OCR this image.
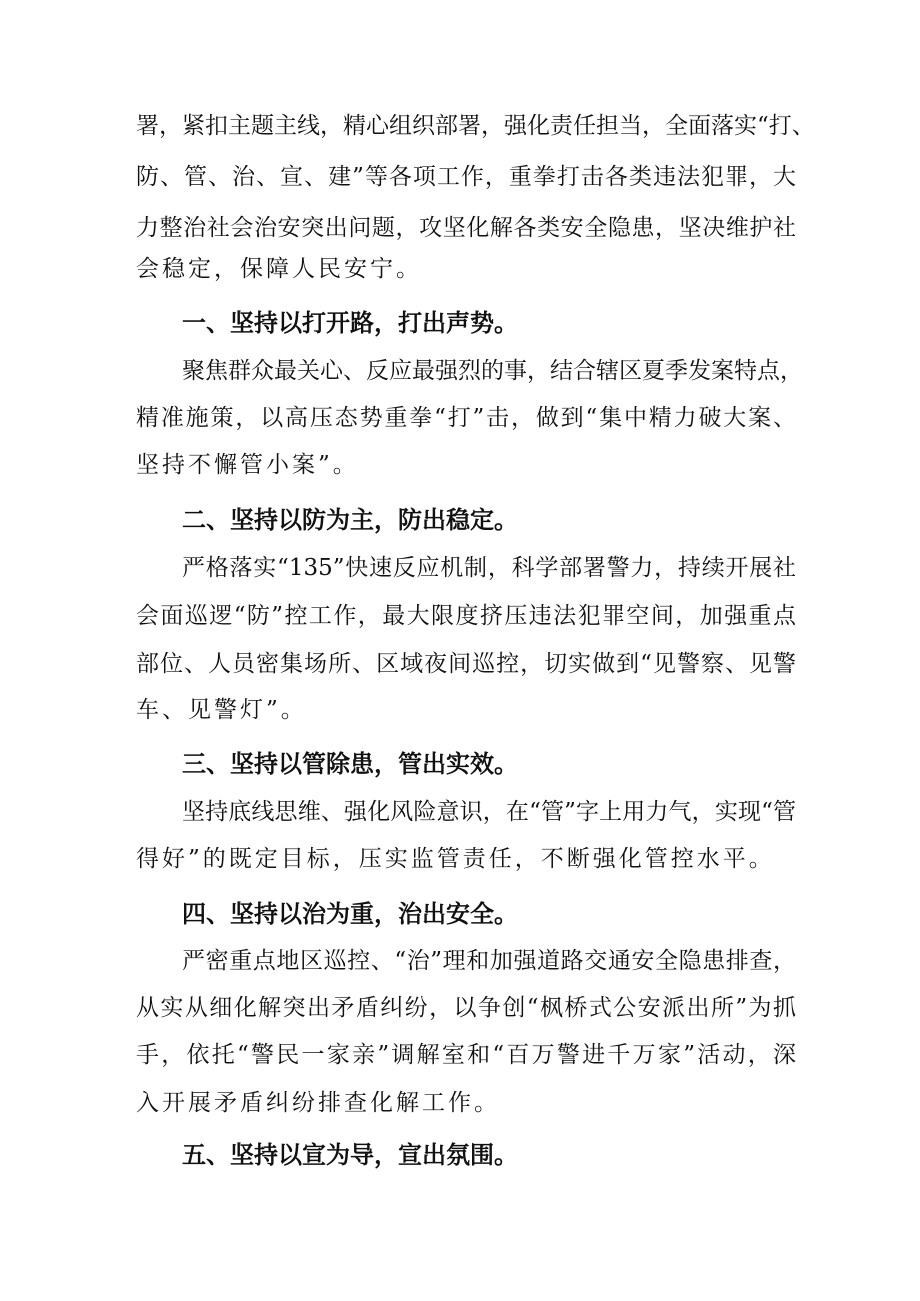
署，紧扣主题主线，精心组织部署，强化责任担当，全面落实“打、

防、管、治、宣、建”等各项工作，重拳打击各类违法犯罪，大

力整治社会治安突出问题，攻坚化解各类安全隐患，坚决维护社

会稳定，保障人民安宁。

一、坚持以打开路，打出声势。

聚焦群众最关心、反应最强烈的事，结合辖区夏季发案特点，

精准施策，以高压态势重拳“打”击，做到“集中精力破大案、

坚持不懈管小案”。

二、坚持以防为主，防出稳定。

严格落实“135”快速反应机制，科学部署警力，持续开展社

会面巡逻“防”控工作，最大限度挤压违法犯罪空间，加强重点

部位、人员密集场所、区域夜间巡控，切实做到“见警察、见警

车、见警灯”。

三、坚持以管除患，管出实效。

坚持底线思维、强化风险意识，在“管”字上用力气，实现“管

得好”的既定目标，压实监管责任，不断强化管控水平。

四、坚持以治为重，治出安全。

严密重点地区巡控、“治”理和加强道路交通安全隐患排查，

从实从细化解突出矛盾纠纷，以争创“枫桥式公安派出所”为抓

手，依托“警民一家亲”调解室和“百万警进千万家”活动，深

入开展矛盾纠纷排查化解工作。

五、坚持以宣为导，宣出氛围。
